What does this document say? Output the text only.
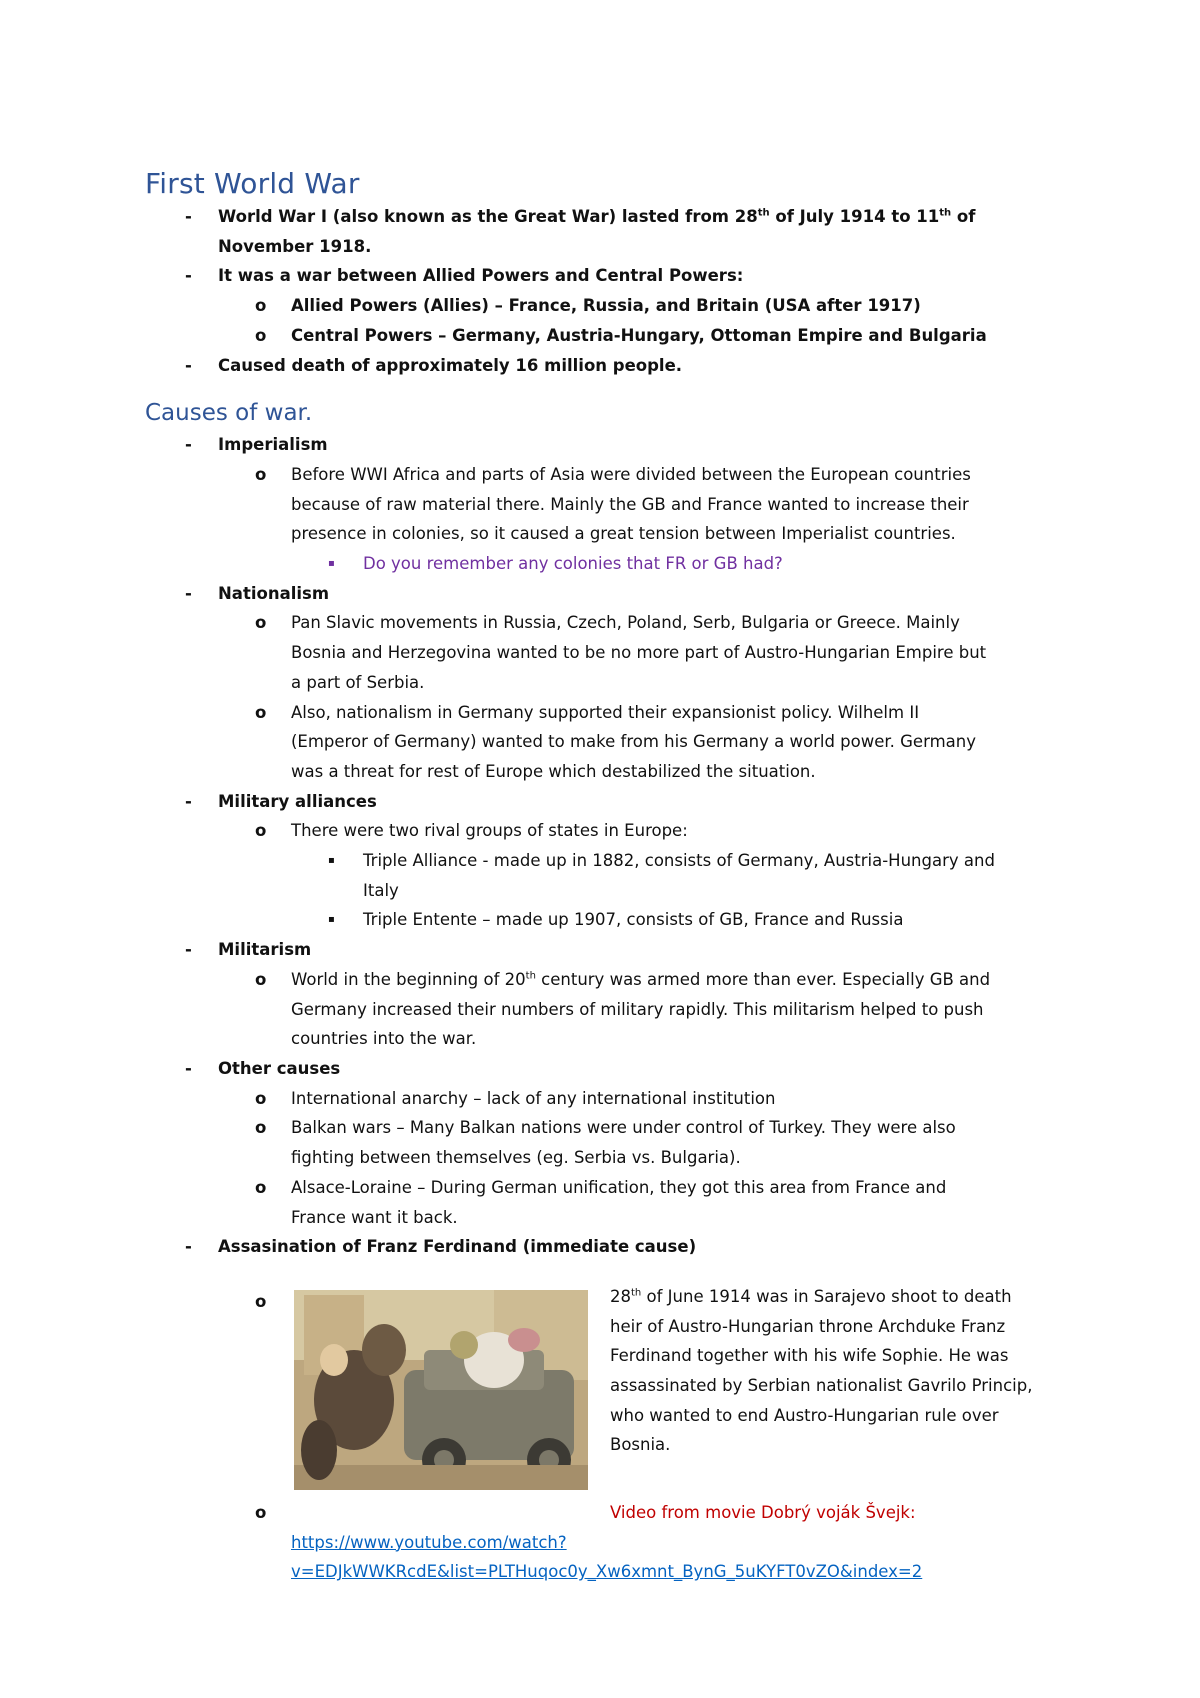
First World War
- World War I (also known as the Great War) lasted from 28th of July 1914 to 11th of
November 1918.
- It was a war between Allied Powers and Central Powers:
o Allied Powers (Allies) – France, Russia, and Britain (USA after 1917)
o Central Powers – Germany, Austria-Hungary, Ottoman Empire and Bulgaria
- Caused death of approximately 16 million people.
Causes of war.
- Imperialism
o Before WWI Africa and parts of Asia were divided between the European countries
because of raw material there. Mainly the GB and France wanted to increase their
presence in colonies, so it caused a great tension between Imperialist countries.
▪ Do you remember any colonies that FR or GB had?
- Nationalism
o Pan Slavic movements in Russia, Czech, Poland, Serb, Bulgaria or Greece. Mainly
Bosnia and Herzegovina wanted to be no more part of Austro-Hungarian Empire but
a part of Serbia.
o Also, nationalism in Germany supported their expansionist policy. Wilhelm II
(Emperor of Germany) wanted to make from his Germany a world power. Germany
was a threat for rest of Europe which destabilized the situation.
- Military alliances
o There were two rival groups of states in Europe:
▪ Triple Alliance - made up in 1882, consists of Germany, Austria-Hungary and
Italy
▪ Triple Entente – made up 1907, consists of GB, France and Russia
- Militarism
o World in the beginning of 20th century was armed more than ever. Especially GB and
Germany increased their numbers of military rapidly. This militarism helped to push
countries into the war.
- Other causes
o International anarchy – lack of any international institution
o Balkan wars – Many Balkan nations were under control of Turkey. They were also
fighting between themselves (eg. Serbia vs. Bulgaria).
o Alsace-Loraine – During German unification, they got this area from France and
France want it back.
- Assasination of Franz Ferdinand (immediate cause)
o	28th of June 1914 was in Sarajevo shoot to death
heir of Austro-Hungarian throne Archduke Franz
Ferdinand together with his wife Sophie. He was
assassinated by Serbian nationalist Gavrilo Princip,
who wanted to end Austro-Hungarian rule over
Bosnia.
o	Video from movie Dobrý voják Švejk:

https://www.youtube.com/watch?
v=EDJkWWKRcdE&list=PLTHuqoc0y_Xw6xmnt_BynG_5uKYFT0vZO&index=2
